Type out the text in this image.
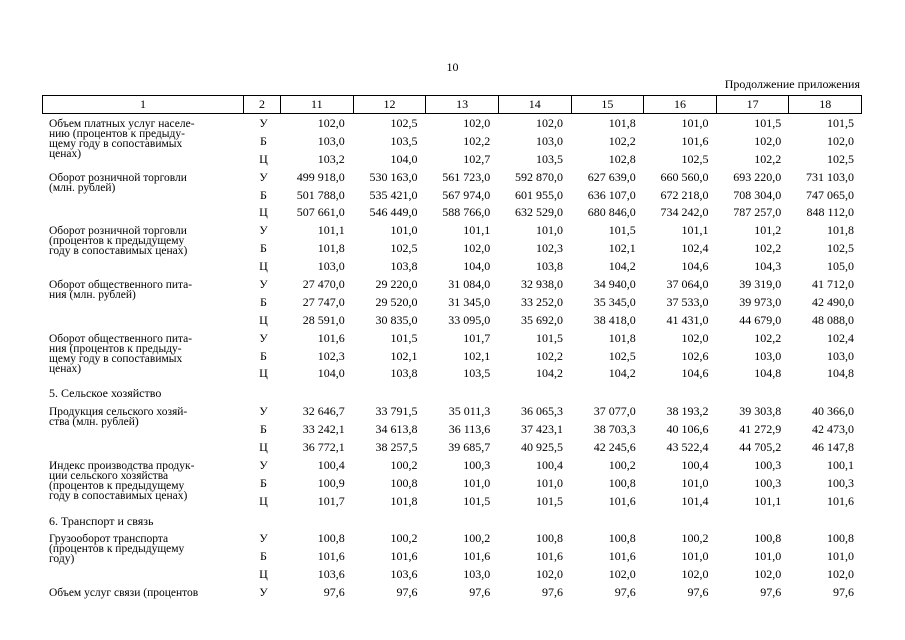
10
Продолжение приложения
1	2	11	12	13	14	15	16	17	18
Объем платных услуг населе-
нию (процентов к предыду-
щему году в сопоставимых
ценах)	У	102,0	102,5	102,0	102,0	101,8	101,0	101,5	101,5
	Б	103,0	103,5	102,2	103,0	102,2	101,6	102,0	102,0
	Ц	103,2	104,0	102,7	103,5	102,8	102,5	102,2	102,5
Оборот розничной торговли
(млн. рублей)	У	499 918,0	530 163,0	561 723,0	592 870,0	627 639,0	660 560,0	693 220,0	731 103,0
	Б	501 788,0	535 421,0	567 974,0	601 955,0	636 107,0	672 218,0	708 304,0	747 065,0
	Ц	507 661,0	546 449,0	588 766,0	632 529,0	680 846,0	734 242,0	787 257,0	848 112,0
Оборот розничной торговли
(процентов к предыдущему
году в сопоставимых ценах)	У	101,1	101,0	101,1	101,0	101,5	101,1	101,2	101,8
	Б	101,8	102,5	102,0	102,3	102,1	102,4	102,2	102,5
	Ц	103,0	103,8	104,0	103,8	104,2	104,6	104,3	105,0
Оборот общественного пита-
ния (млн. рублей)	У	27 470,0	29 220,0	31 084,0	32 938,0	34 940,0	37 064,0	39 319,0	41 712,0
	Б	27 747,0	29 520,0	31 345,0	33 252,0	35 345,0	37 533,0	39 973,0	42 490,0
	Ц	28 591,0	30 835,0	33 095,0	35 692,0	38 418,0	41 431,0	44 679,0	48 088,0
Оборот общественного пита-
ния (процентов к предыду-
щему году в сопоставимых
ценах)	У	101,6	101,5	101,7	101,5	101,8	102,0	102,2	102,4
	Б	102,3	102,1	102,1	102,2	102,5	102,6	103,0	103,0
	Ц	104,0	103,8	103,5	104,2	104,2	104,6	104,8	104,8
5. Сельское хозяйство									
Продукция сельского хозяй-
ства (млн. рублей)	У	32 646,7	33 791,5	35 011,3	36 065,3	37 077,0	38 193,2	39 303,8	40 366,0
	Б	33 242,1	34 613,8	36 113,6	37 423,1	38 703,3	40 106,6	41 272,9	42 473,0
	Ц	36 772,1	38 257,5	39 685,7	40 925,5	42 245,6	43 522,4	44 705,2	46 147,8
Индекс производства продук-
ции сельского хозяйства
(процентов к предыдущему
году в сопоставимых ценах)	У	100,4	100,2	100,3	100,4	100,2	100,4	100,3	100,1
	Б	100,9	100,8	101,0	101,0	100,8	101,0	100,3	100,3
	Ц	101,7	101,8	101,5	101,5	101,6	101,4	101,1	101,6
6. Транспорт и связь									
Грузооборот транспорта
(процентов к предыдущему
году)	У	100,8	100,2	100,2	100,8	100,8	100,2	100,8	100,8
	Б	101,6	101,6	101,6	101,6	101,6	101,0	101,0	101,0
	Ц	103,6	103,6	103,0	102,0	102,0	102,0	102,0	102,0
Объем услуг связи (процентов	У	97,6	97,6	97,6	97,6	97,6	97,6	97,6	97,6
